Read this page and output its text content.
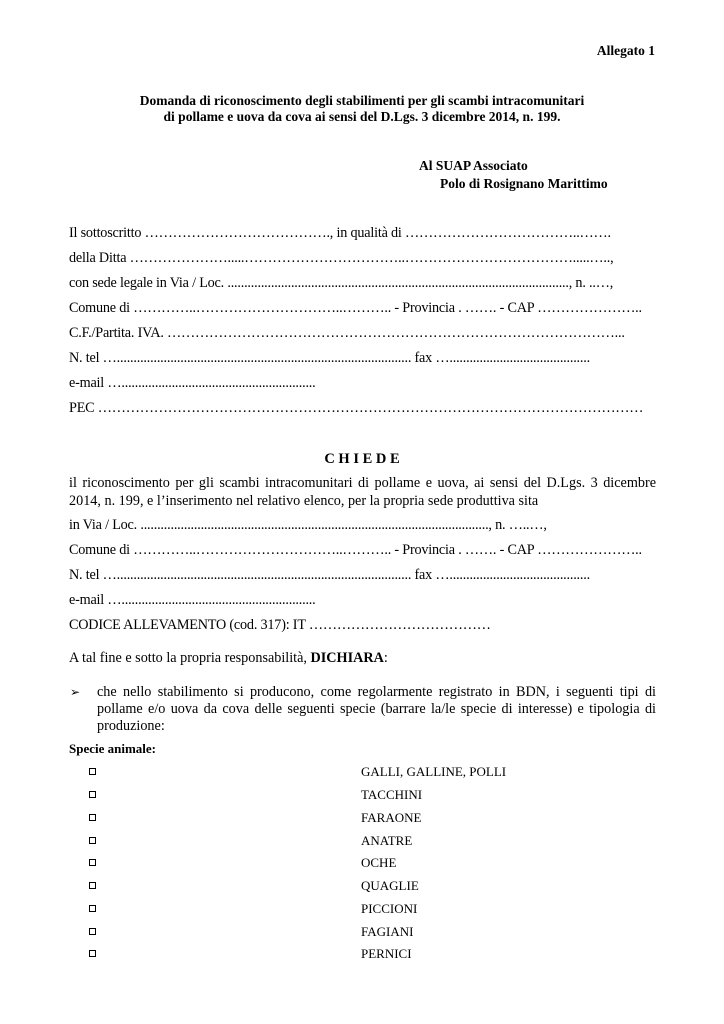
Allegato 1
Domanda di riconoscimento degli stabilimenti per gli scambi intracomunitari
di pollame e uova da cova ai sensi del D.Lgs. 3 dicembre 2014, n. 199.
Al SUAP Associato
Polo di Rosignano Marittimo
Il sottoscritto …………………………………., in qualità di ………………………………..…….
della Ditta ………………….....……………………………..……………………………….....…..,
con sede legale in Via / Loc. ......................................................................................................, n. ..…,
Comune di …………..…………………………..……….. - Provincia . ……. - CAP …………………..
C.F./Partita. IVA. ……………………………………………………………………………………...
N. tel …........................................................................................ fax …..........................................
e-mail …..........................................................
PEC ………………………………………………………………………………………………………
C H I E D E
il riconoscimento per gli scambi intracomunitari di pollame e uova, ai sensi del D.Lgs. 3 dicembre 2014, n. 199, e l’inserimento nel relativo elenco, per la propria sede produttiva sita
in Via / Loc. ........................................................................................................, n. …..…,
Comune di …………..…………………………..……….. - Provincia . ……. - CAP …………………..
N. tel …........................................................................................ fax …..........................................
e-mail …..........................................................
CODICE ALLEVAMENTO (cod. 317): IT …………………………………
A tal fine e sotto la propria responsabilità, DICHIARA:
➢ che nello stabilimento si producono, come regolarmente registrato in BDN, i seguenti tipi di pollame e/o uova da cova delle seguenti specie (barrare la/le specie di interesse) e tipologia di produzione:
Specie animale:
GALLI, GALLINE, POLLI
TACCHINI
FARAONE
ANATRE
OCHE
QUAGLIE
PICCIONI
FAGIANI
PERNICI
